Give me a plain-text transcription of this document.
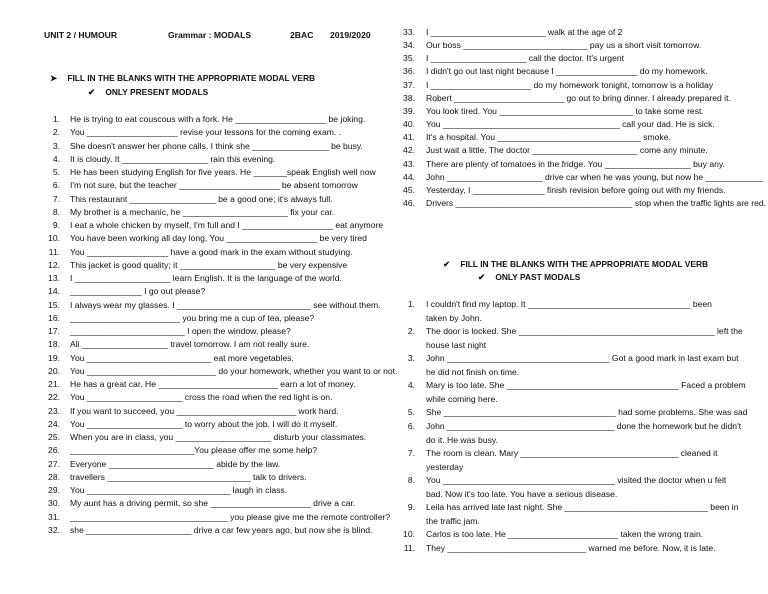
UNIT 2 / HUMOUR	Grammar : MODALS	2BAC 2019/2020
➤ FILL IN THE BLANKS WITH THE APPROPRIATE MODAL VERB
✔ ONLY PRESENT MODALS
1. He is trying to eat couscous with a fork. He ___________________ be joking.
2. You ___________________ revise your lessons for the coming exam. .
3. She doesn't answer her phone calls. I think she ________________ be busy.
4. It is cloudy. It __________________ rain this evening.
5. He has been studying English for five years. He _______speak English well now
6. I'm not sure, but the teacher _____________________ be absent tomorrow
7. This restaurant __________________ be a good one; it's always full.
8. My brother is a mechanic, he ______________________ fix your car.
9. I eat a whole chicken by myself, I'm full and I ___________________ eat anymore
10. You have been working all day long, You ___________________ be very tired
11. You _________________ have a good mark in the exam without studying.
12. This jacket is good quality; it ____________________ be very expensive
13. I ____________________ learn English. It is the language of the world.
14. _______________ I go out please?
15. I always wear my glasses. I ____________________________ see without them.
16. _______________________ you bring me a cup of tea, please?
17. ________________________ I open the window, please?
18. Ali __________________ travel tomorrow. I am not really sure.
19. You __________________________ eat more vegetables.
20. You ___________________________ do your homework, whether you want to or not.
21. He has a great car. He _________________________ earn a lot of money.
22. You ____________________ cross the road when the red light is on.
23. If you want to succeed, you _________________________ work hard.
24. You ____________________ to worry about the job. I will do it myself.
25. When you are in class, you ____________________ disturb your classmates.
26. __________________________You please offer me some help?
27. Everyone ______________________ abide by the law.
28. travellers ______________________________ talk to drivers.
29. You ______________________________ laugh in class.
30. My aunt has a driving permit, so she _____________________ drive a car.
31. _________________________________ you please give me the remote controller?
32. she ______________________ drive a car few years ago, but now she is blind.
33. I ________________________ walk at the age of 2
34. Our boss __________________________ pay us a short visit tomorrow.
35. I ____________________ call the doctor. It's urgent
36. I didn't go out last night because I _________________ do my homework.
37. I _____________________ do my homework tonight, tomorrow is a holiday
38. Robert _______________________ go out to bring dinner. I already prepared it.
39. You look tired. You ____________________________ to take some rest.
40. You _____________________________________ call your dad. He is sick.
41. It's a hospital. You ______________________________ smoke.
42. Just wait a little. The doctor ______________________ come any minute.
43. There are plenty of tomatoes in the fridge. You __________________ buy any.
44. John ____________________ drive car when he was young, but now he ____________
45. Yesterday, I _______________ finish revision before going out with my friends.
46. Drivers _____________________________________ stop when the traffic lights are red.
✔ FILL IN THE BLANKS WITH THE APPROPRIATE MODAL VERB
✔ ONLY PAST MODALS
1. I couldn't find my laptop. It __________________________________ been
taken by John.
2. The door is locked. She _________________________________________ left the
house last night
3. John __________________________________ Got a good mark in last exam but
he did not finish on time.
4. Mary is too late. She ____________________________________ Faced a problem
while coming here.
5. She ____________________________________ had some problems. She was sad
6. John ___________________________________ done the homework but he didn't
do it. He was busy.
7. The room is clean. Mary _________________________________ cleaned it
yesterday
8. You ____________________________________ visited the doctor when u felt
bad. Now it's too late. You have a serious disease.
9. Leila has arrived late last night. She ______________________________ been in
the traffic jam.
10. Carlos is too late. He _______________________ taken the wrong train.
11. They _____________________________ warned me before. Now, it is late.
